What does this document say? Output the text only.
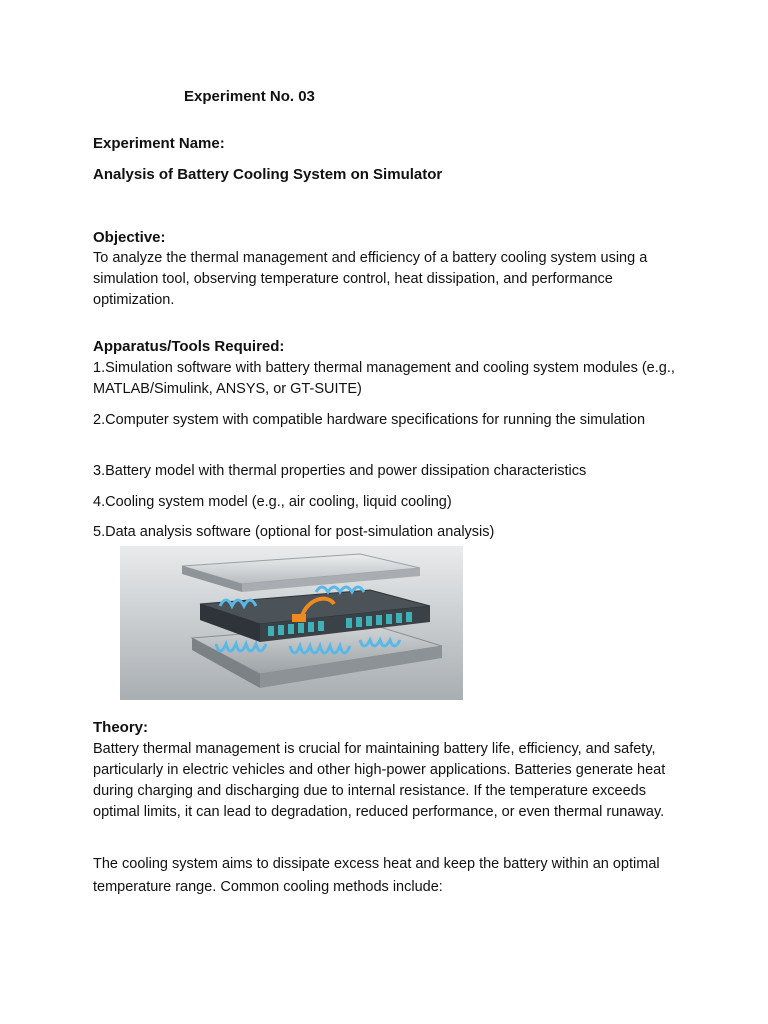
Experiment No. 03
Experiment Name:
Analysis of Battery Cooling System on Simulator
Objective:
To analyze the thermal management and efficiency of a battery cooling system using a simulation tool, observing temperature control, heat dissipation, and performance optimization.
Apparatus/Tools Required:
1.Simulation software with battery thermal management and cooling system modules (e.g., MATLAB/Simulink, ANSYS, or GT-SUITE)
2.Computer system with compatible hardware specifications for running the simulation
3.Battery model with thermal properties and power dissipation characteristics
4.Cooling system model (e.g., air cooling, liquid cooling)
5.Data analysis software (optional for post-simulation analysis)
Theory:
Battery thermal management is crucial for maintaining battery life, efficiency, and safety, particularly in electric vehicles and other high-power applications. Batteries generate heat during charging and discharging due to internal resistance. If the temperature exceeds optimal limits, it can lead to degradation, reduced performance, or even thermal runaway.
The cooling system aims to dissipate excess heat and keep the battery within an optimal temperature range. Common cooling methods include:
